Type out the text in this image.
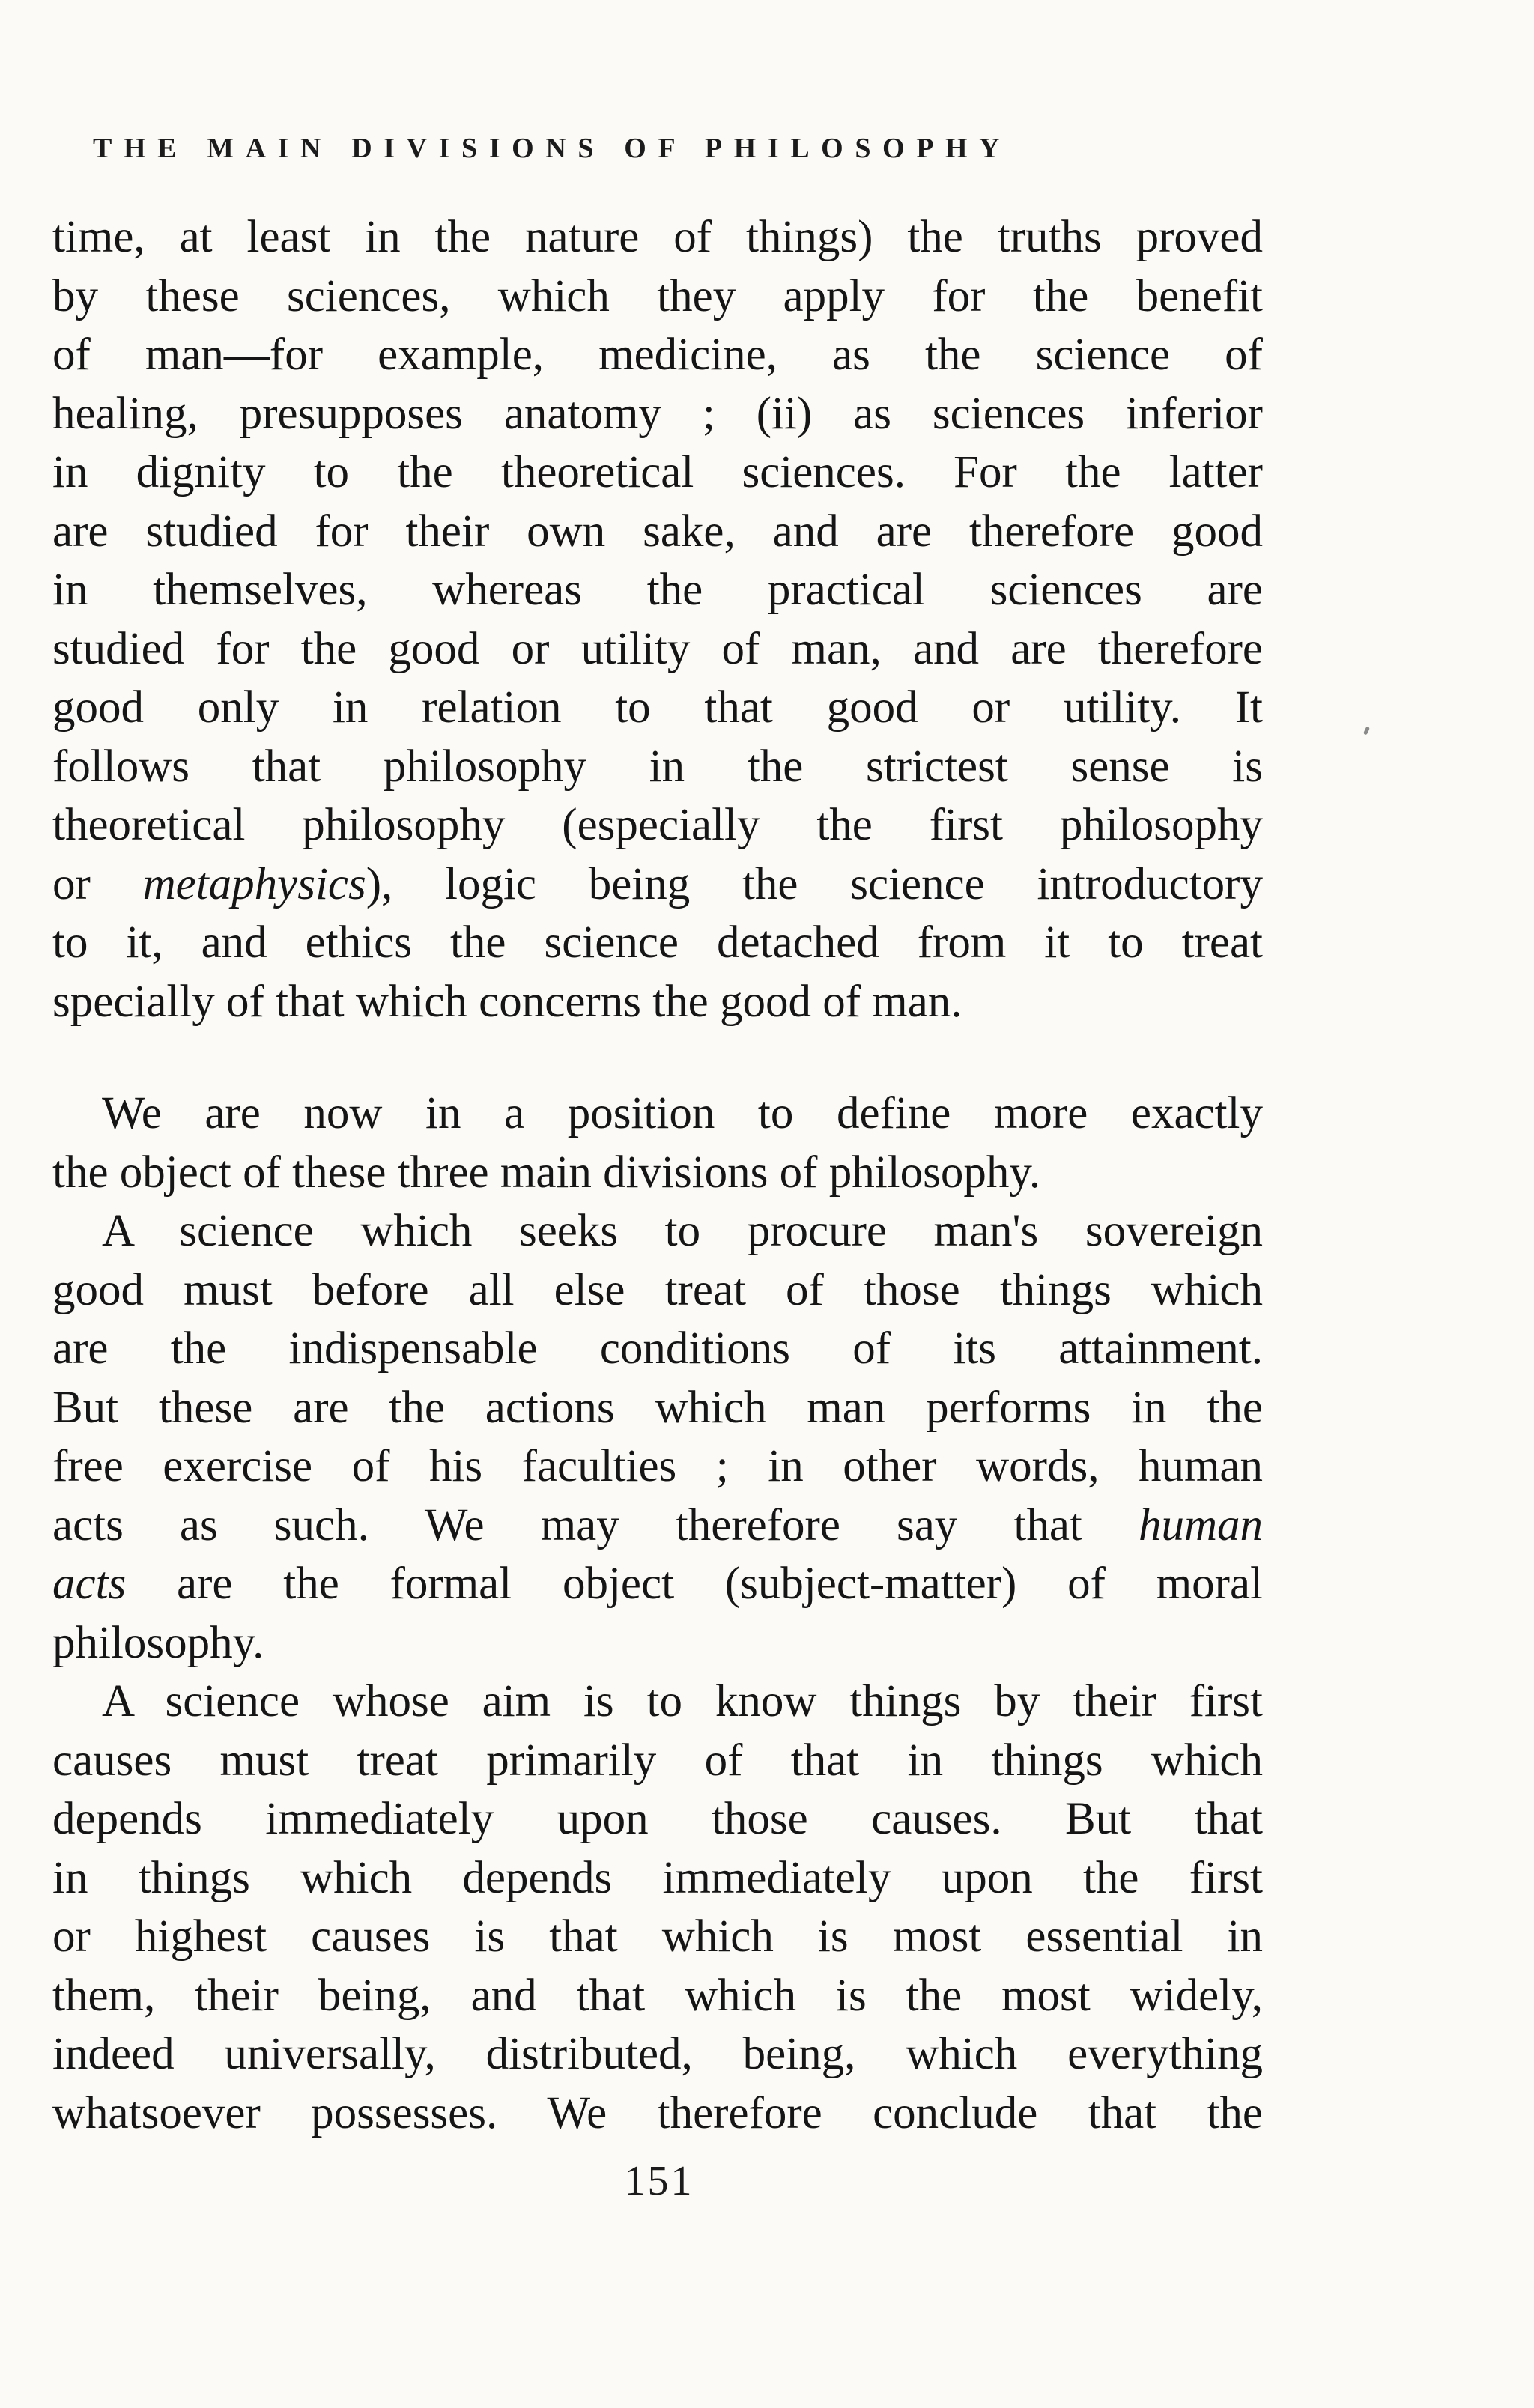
THE MAIN DIVISIONS OF PHILOSOPHY
time, at least in the nature of things) the truths proved
by these sciences, which they apply for the benefit
of man—for example, medicine, as the science of
healing, presupposes anatomy ; (ii) as sciences inferior
in dignity to the theoretical sciences. For the latter
are studied for their own sake, and are therefore good
in themselves, whereas the practical sciences are
studied for the good or utility of man, and are therefore
good only in relation to that good or utility. It
follows that philosophy in the strictest sense is
theoretical philosophy (especially the first philosophy
or metaphysics), logic being the science introductory
to it, and ethics the science detached from it to treat
specially of that which concerns the good of man.
We are now in a position to define more exactly
the object of these three main divisions of philosophy.
A science which seeks to procure man's sovereign
good must before all else treat of those things which
are the indispensable conditions of its attainment.
But these are the actions which man performs in the
free exercise of his faculties ; in other words, human
acts as such. We may therefore say that human
acts are the formal object (subject-matter) of moral
philosophy.
A science whose aim is to know things by their first
causes must treat primarily of that in things which
depends immediately upon those causes. But that
in things which depends immediately upon the first
or highest causes is that which is most essential in
them, their being, and that which is the most widely,
indeed universally, distributed, being, which everything
whatsoever possesses. We therefore conclude that the
151
